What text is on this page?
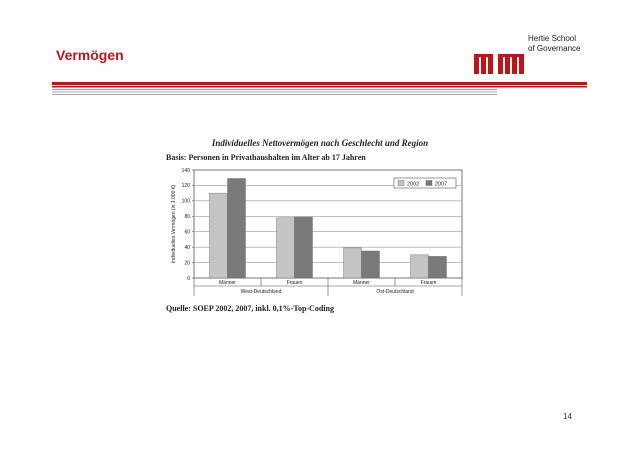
Vermögen
Hertie School
of Governance
Individuelles Nettovermögen nach Geschlecht und Region
Basis: Personen in Privathaushalten im Alter ab 17 Jahren
0
20
40
60
80
100
120
140
Männer	Frauen	Männer	Frauen
West-Deutschland	Ost-Deutschland
Individuelles Vermögen (in 1.000 €)
2002	2007
Quelle: SOEP 2002, 2007, inkl. 0,1%-Top-Coding
14
